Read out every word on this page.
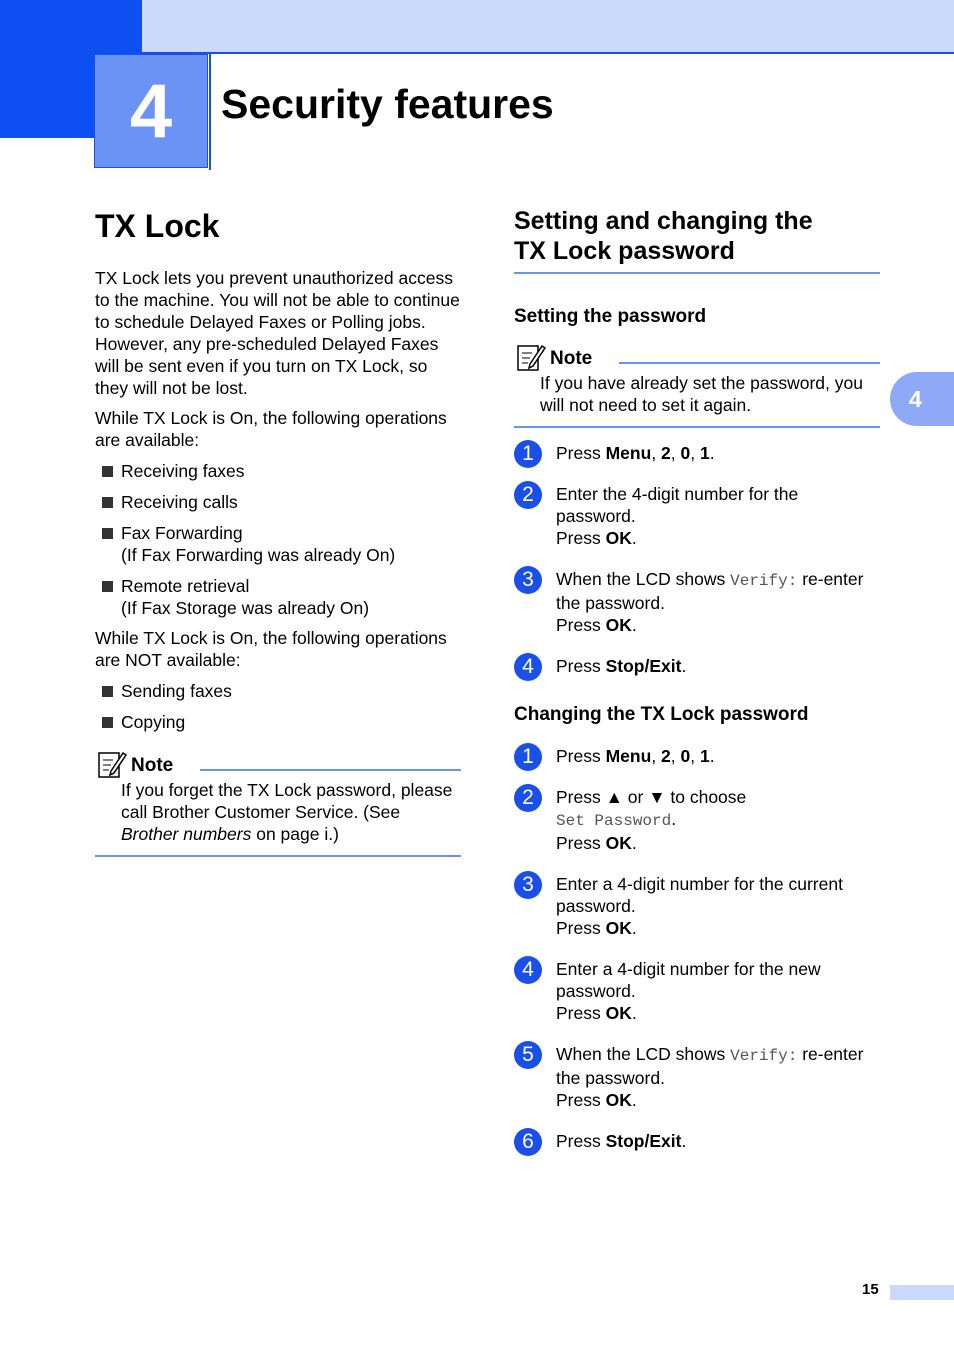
4	Security features
4
TX Lock

TX Lock lets you prevent unauthorized access to the machine. You will not be able to continue to schedule Delayed Faxes or Polling jobs. However, any pre-scheduled Delayed Faxes will be sent even if you turn on TX Lock, so they will not be lost.

While TX Lock is On, the following operations are available:

Receiving faxes
Receiving calls
Fax Forwarding
(If Fax Forwarding was already On)
Remote retrieval
(If Fax Storage was already On)

While TX Lock is On, the following operations are NOT available:

Sending faxes
Copying
Note

If you forget the TX Lock password, please call Brother Customer Service. (See Brother numbers on page i.)

Setting and changing the
TX Lock password
Setting the password
Note

If you have already set the password, you will not need to set it again.

1	Press Menu, 2, 0, 1.
2	Enter the 4-digit number for the password.
Press OK.
3	When the LCD shows Verify: re-enter the password.
Press OK.
4	Press Stop/Exit.
Changing the TX Lock password
1	Press Menu, 2, 0, 1.
2	Press ▲ or ▼ to choose
Set Password.
Press OK.
3	Enter a 4-digit number for the current password.
Press OK.
4	Enter a 4-digit number for the new password.
Press OK.
5	When the LCD shows Verify: re-enter the password.
Press OK.
6	Press Stop/Exit.
15
